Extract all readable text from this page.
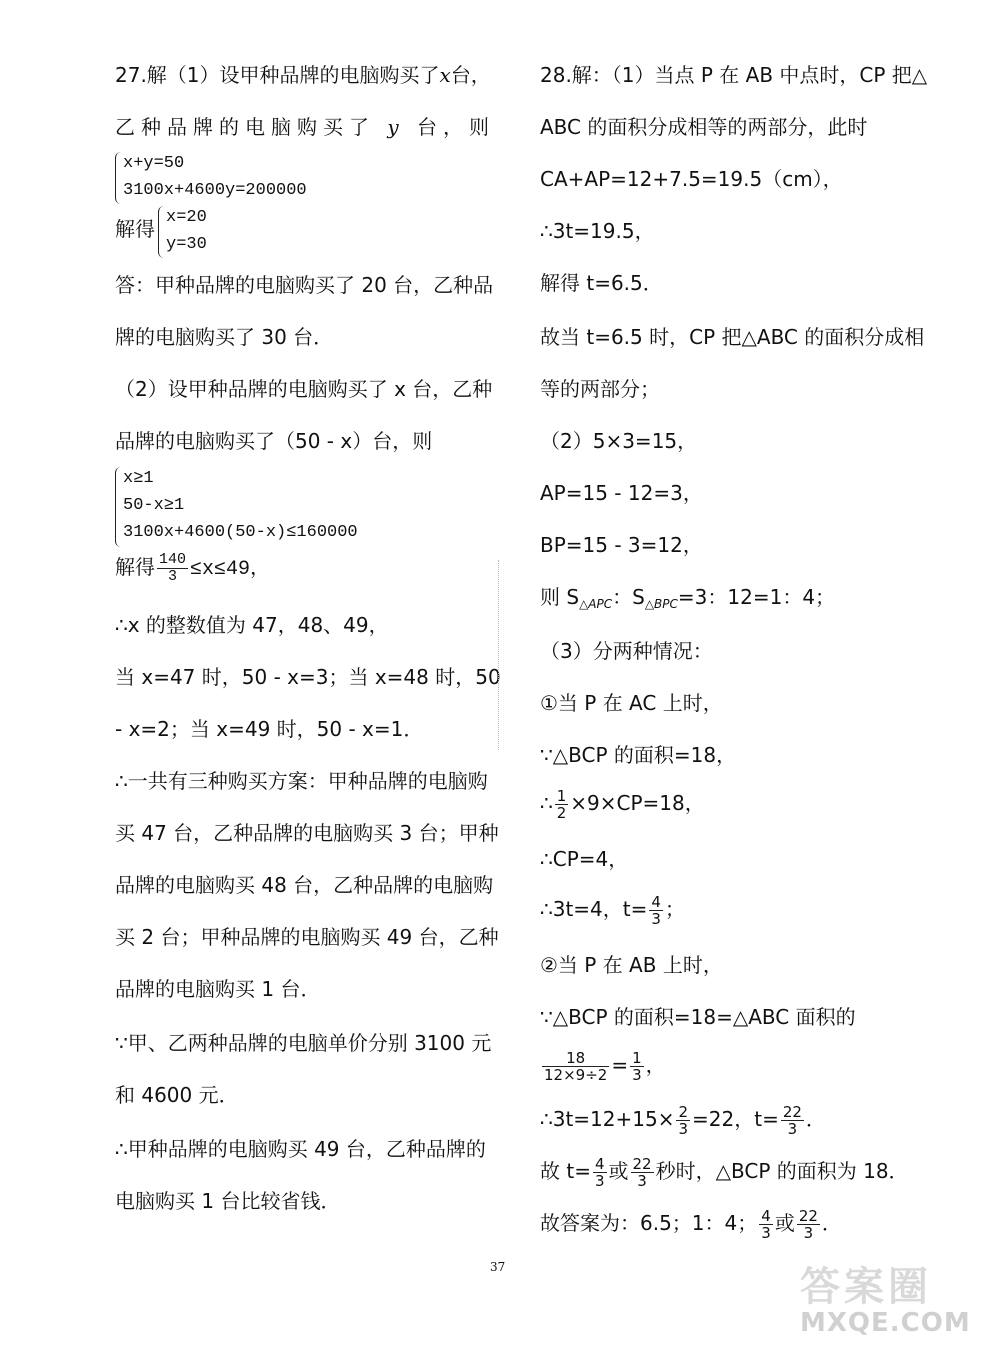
27.解（1）设甲种品牌的电脑购买了x台，
乙种品牌的电脑购买了 y 台，则
x+y=50
3100x+4600y=200000
解得 x=20
y=30
答：甲种品牌的电脑购买了 20 台，乙种品
牌的电脑购买了 30 台．
（2）设甲种品牌的电脑购买了 x 台，乙种
品牌的电脑购买了（50 - x）台，则
x≥1
50-x≥1
3100x+4600(50-x)≤160000
解得 $\frac{140}{3} \le x\le 49$，
∴x 的整数值为 47，48、49，
当 x=47 时，50 - x=3；当 x=48 时，50
- x=2；当 x=49 时，50 - x=1．
∴一共有三种购买方案：甲种品牌的电脑购
买 47 台，乙种品牌的电脑购买 3 台；甲种
品牌的电脑购买 48 台，乙种品牌的电脑购
买 2 台；甲种品牌的电脑购买 49 台，乙种
品牌的电脑购买 1 台．
∵甲、乙两种品牌的电脑单价分别 3100 元
和 4600 元．
∴甲种品牌的电脑购买 49 台，乙种品牌的
电脑购买 1 台比较省钱．
28.解：（1）当点 P 在 AB 中点时，CP 把△
ABC 的面积分成相等的两部分，此时
CA+AP=12+7.5=19.5（cm），
∴3t=19.5，
解得 t=6.5．
故当 t=6.5 时，CP 把△ABC 的面积分成相
等的两部分；
（2）5×3=15，
AP=15 - 12=3，
BP=15 - 3=12，
则 $S_{\triangle APC}$：$S_{\triangle BPC}=3$：12=1：4；
（3）分两种情况：
①当 P 在 AC 上时，
∵△BCP 的面积=18，
∴ $\frac{1}{2} \times 9\times CP=18$，
∴CP=4，
∴3t=4，$t= \frac{4}{3}$ ；
②当 P 在 AB 上时，
∵△BCP 的面积=18=△ABC 面积的
$\frac{18}{12\times 9\div 2} = \frac{1}{3}$ ，
∴3t=12+15× $\frac{2}{3} =22$，$t= \frac{22}{3}$ ．
故 $t= \frac{4}{3}$ 或 $\frac{22}{3}$ 秒时，△BCP 的面积为 18．
故答案为：6.5；1：4； $\frac{4}{3}$ 或 $\frac{22}{3}$ ．
37	答案圈
MXQE.COM
